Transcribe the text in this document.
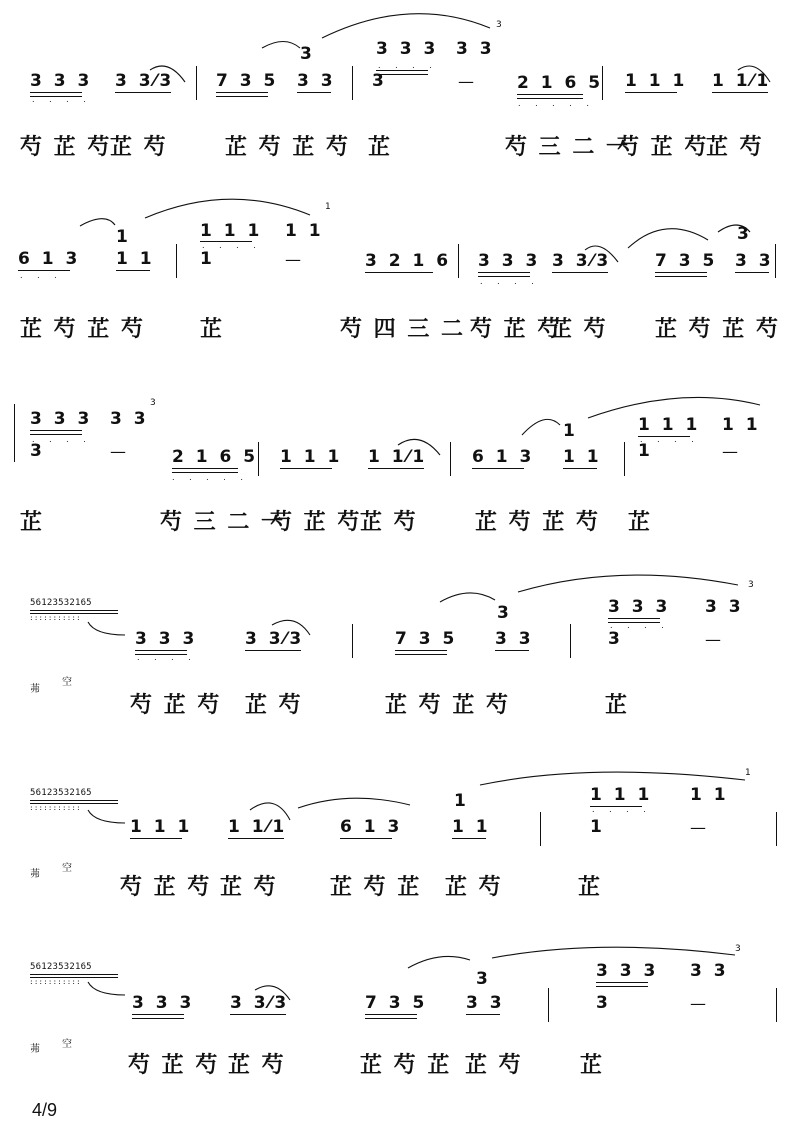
3	3 3 3 3 3
3
. . . .
3 3 3 3 3⁄3 7 3 5 3 3 3	—	2 1 6 5 1 1 1 1 1⁄1
. . . .	. . . . .
芍 芷 芍
芷 芍	芷 芍 芷 芍 芷	芍 三 二 一
芍 芷 芍
芷 芍
1	1 1 1 1 1	3
1
. . . .
6 1 3 1 1	1	—	3 2 1 6 3 3 3 3 3⁄3	7 3 5 3 3
. . .
. . . .
芷 芍 芷 芍	芷	芍 四 三 二 芍 芷 芍
芷 芍 芷 芍 芷 芍
3 3 3 3 3
1	1 1 1 1 1
3
. . . .	. . . .
3	—	2 1 6 5 1 1 1 1 1⁄1	6 1 3 1 1 1	—
. . . . .
芷	芍 三 二 一
芍 芷 芍
芷 芍	芷 芍 芷 芍 芷
56123532165
:::::::::::	3	3 3 3 3 3
3
. . . .
3 3 3	3 3⁄3	7 3 5 3 3	3	—
. . . .
茀
空
芍 芷 芍 芷 芍	芷 芍 芷 芍	芷
56123532165
:::::::::::	1	1 1 1 1 1
1
. . . .
1 1 1 1 1⁄1	6 1 3	1 1	1	—
茀
空
芍 芷 芍 芷 芍 芷 芍 芷 芷 芍	芷
56123532165
:::::::::::	3	3 3 3 3 3
3
3 3 3 3 3⁄3	7 3 5 3 3	3	—
茀 空
芍 芷 芍 芷 芍	芷 芍 芷 芷 芍	芷
4/9
